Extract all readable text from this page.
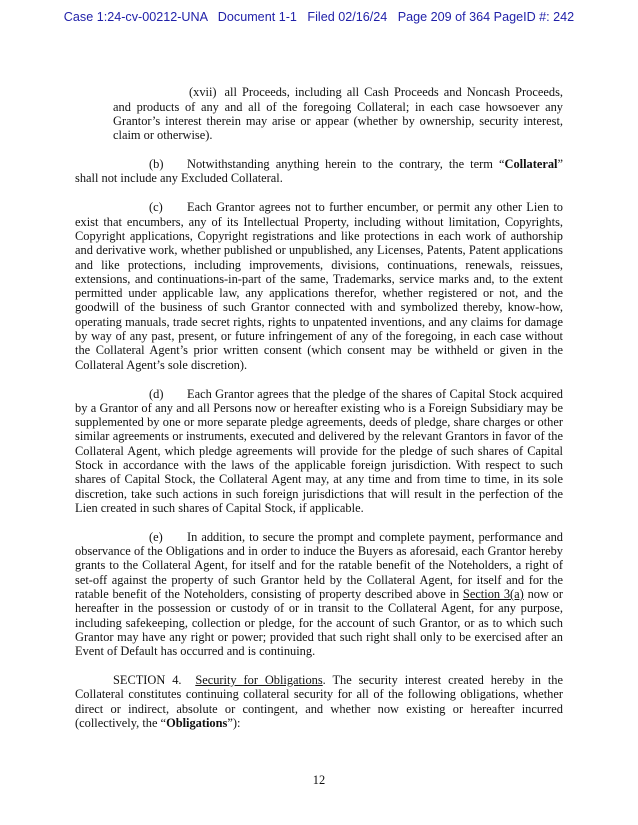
Case 1:24-cv-00212-UNA Document 1-1 Filed 02/16/24 Page 209 of 364 PageID #: 242

(xvii) all Proceeds, including all Cash Proceeds and Noncash Proceeds, and products of any and all of the foregoing Collateral; in each case howsoever any Grantor’s interest therein may arise or appear (whether by ownership, security interest, claim or otherwise).

(b) Notwithstanding anything herein to the contrary, the term “Collateral” shall not include any Excluded Collateral.

(c) Each Grantor agrees not to further encumber, or permit any other Lien to exist that encumbers, any of its Intellectual Property, including without limitation, Copyrights, Copyright applications, Copyright registrations and like protections in each work of authorship and derivative work, whether published or unpublished, any Licenses, Patents, Patent applications and like protections, including improvements, divisions, continuations, renewals, reissues, extensions, and continuations-in-part of the same, Trademarks, service marks and, to the extent permitted under applicable law, any applications therefor, whether registered or not, and the goodwill of the business of such Grantor connected with and symbolized thereby, know-how, operating manuals, trade secret rights, rights to unpatented inventions, and any claims for damage by way of any past, present, or future infringement of any of the foregoing, in each case without the Collateral Agent’s prior written consent (which consent may be withheld or given in the Collateral Agent’s sole discretion).

(d) Each Grantor agrees that the pledge of the shares of Capital Stock acquired by a Grantor of any and all Persons now or hereafter existing who is a Foreign Subsidiary may be supplemented by one or more separate pledge agreements, deeds of pledge, share charges or other similar agreements or instruments, executed and delivered by the relevant Grantors in favor of the Collateral Agent, which pledge agreements will provide for the pledge of such shares of Capital Stock in accordance with the laws of the applicable foreign jurisdiction. With respect to such shares of Capital Stock, the Collateral Agent may, at any time and from time to time, in its sole discretion, take such actions in such foreign jurisdictions that will result in the perfection of the Lien created in such shares of Capital Stock, if applicable.

(e) In addition, to secure the prompt and complete payment, performance and observance of the Obligations and in order to induce the Buyers as aforesaid, each Grantor hereby grants to the Collateral Agent, for itself and for the ratable benefit of the Noteholders, a right of set-off against the property of such Grantor held by the Collateral Agent, for itself and for the ratable benefit of the Noteholders, consisting of property described above in Section 3(a) now or hereafter in the possession or custody of or in transit to the Collateral Agent, for any purpose, including safekeeping, collection or pledge, for the account of such Grantor, or as to which such Grantor may have any right or power; provided that such right shall only to be exercised after an Event of Default has occurred and is continuing.

SECTION 4. Security for Obligations. The security interest created hereby in the Collateral constitutes continuing collateral security for all of the following obligations, whether direct or indirect, absolute or contingent, and whether now existing or hereafter incurred (collectively, the “Obligations”):

12
